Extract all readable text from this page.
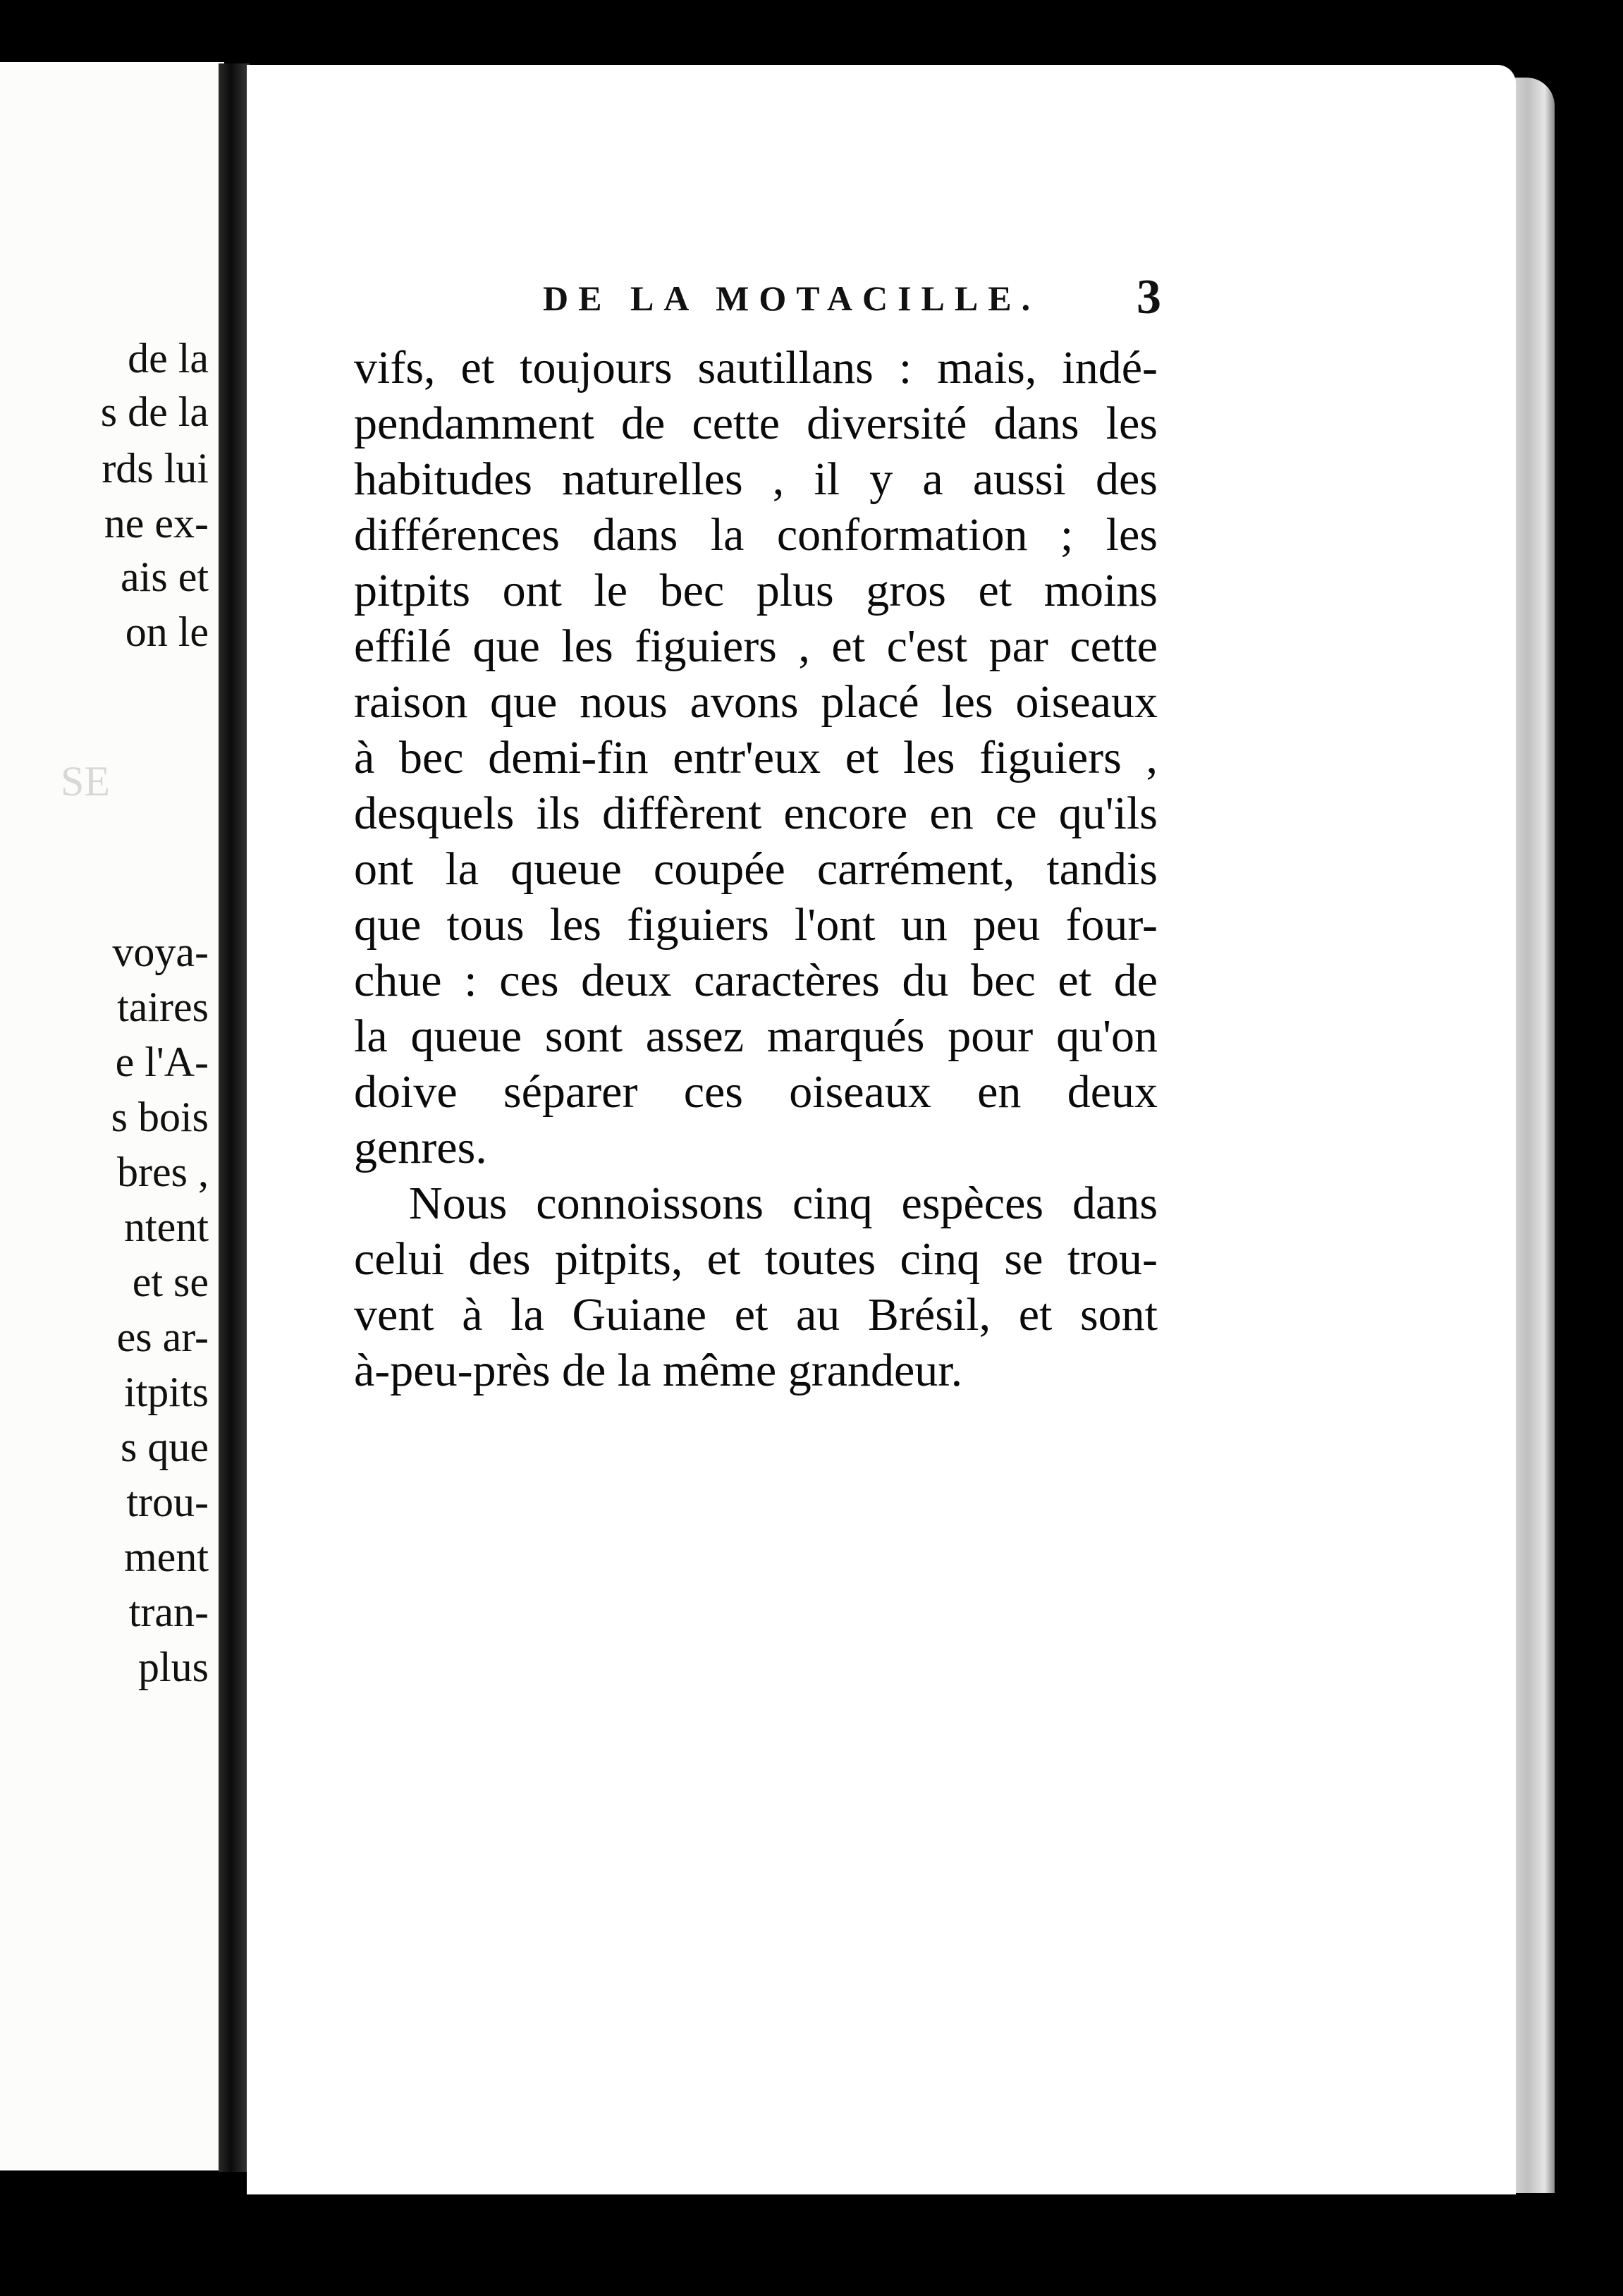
de la
s de la
rds lui
ne ex-
ais et
on le
SE
voya-
taires
e l'A-
s bois
bres ,
ntent
et se
es ar-
itpits
s que
trou-
ment
tran-
plus
DE LA MOTACILLE. 3
vifs, et toujours sautillans : mais, indé-
pendamment de cette diversité dans les
habitudes naturelles , il y a aussi des
différences dans la conformation ; les
pitpits ont le bec plus gros et moins
effilé que les figuiers , et c'est par cette
raison que nous avons placé les oiseaux
à bec demi-fin entr'eux et les figuiers ,
desquels ils diffèrent encore en ce qu'ils
ont la queue coupée carrément, tandis
que tous les figuiers l'ont un peu four-
chue : ces deux caractères du bec et de
la queue sont assez marqués pour qu'on
doive séparer ces oiseaux en deux
genres.
Nous connoissons cinq espèces dans
celui des pitpits, et toutes cinq se trou-
vent à la Guiane et au Brésil, et sont
à-peu-près de la même grandeur.
